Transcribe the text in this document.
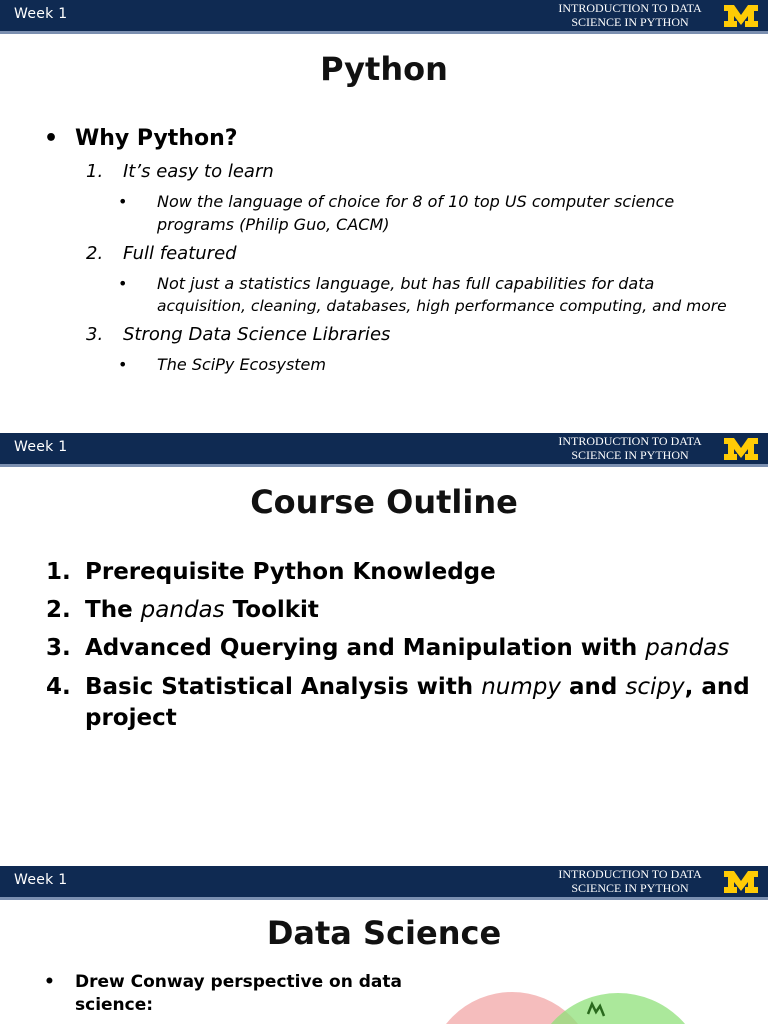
Week 1	INTRODUCTION TO DATA
SCIENCE IN PYTHON
Python
• Why Python?
1. It’s easy to learn
• Now the language of choice for 8 of 10 top US computer science
programs (Philip Guo, CACM)
2. Full featured
• Not just a statistics language, but has full capabilities for data
acquisition, cleaning, databases, high performance computing, and more
3. Strong Data Science Libraries
• The SciPy Ecosystem
Week 1	INTRODUCTION TO DATA
SCIENCE IN PYTHON
Course Outline
1. Prerequisite Python Knowledge
2. The pandas Toolkit
3. Advanced Querying and Manipulation with pandas
4. Basic Statistical Analysis with numpy and scipy, and
project
Week 1	INTRODUCTION TO DATA
SCIENCE IN PYTHON
Data Science
• Drew Conway perspective on data
science:
